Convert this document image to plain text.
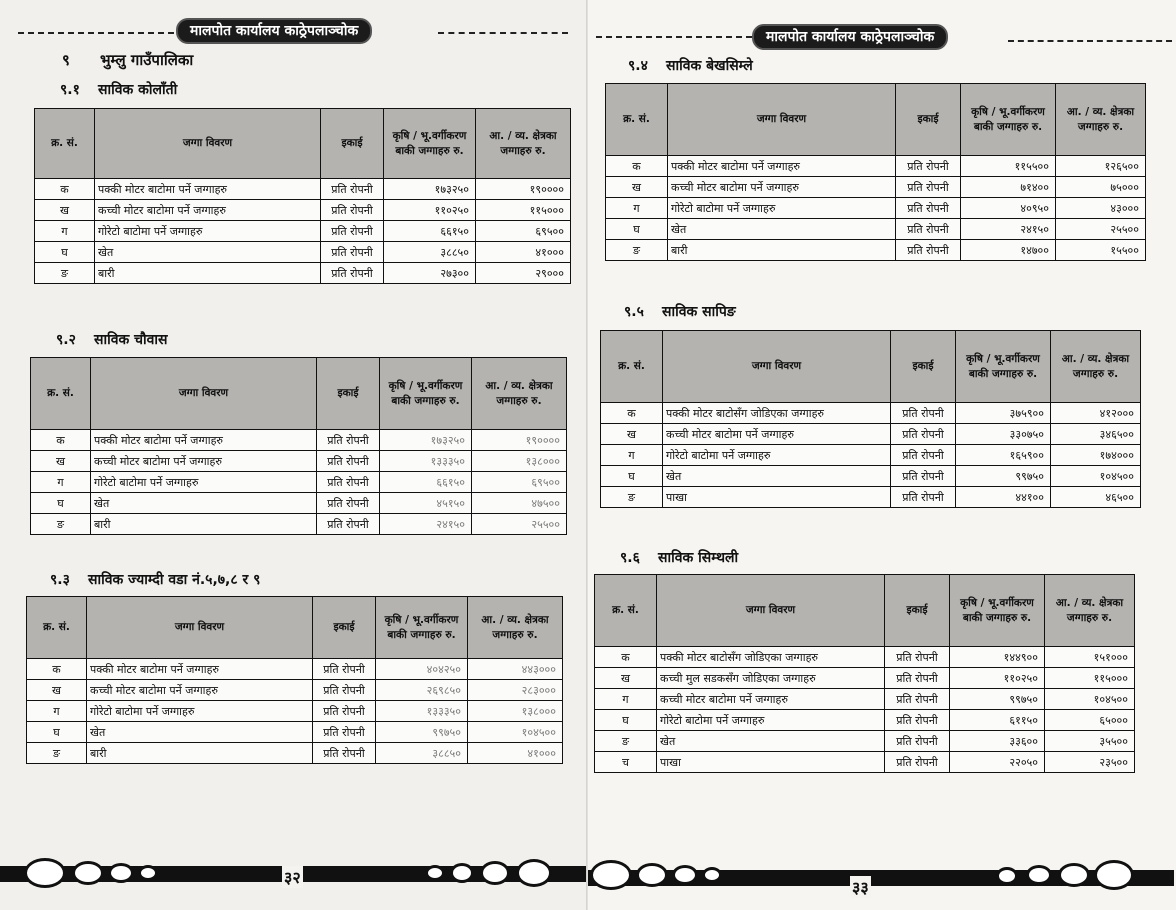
मालपोत कार्यालय काठ्रेपलाञ्चोक
९ भुम्लु गाउँपालिका
९.१ साविक कोलाँती
क्र. सं.	जग्गा विवरण	इकाई	कृषि / भू.वर्गीकरण बाकी जग्गाहरु रु.	आ. / व्य. क्षेत्रका जग्गाहरु रु.
क	पक्की मोटर बाटोमा पर्ने जग्गाहरु	प्रति रोपनी	१७३२५०	१९००००
ख	कच्ची मोटर बाटोमा पर्ने जग्गाहरु	प्रति रोपनी	११०२५०	११५०००
ग	गोरेटो बाटोमा पर्ने जग्गाहरु	प्रति रोपनी	६६१५०	६९५००
घ	खेत	प्रति रोपनी	३८८५०	४१०००
ङ	बारी	प्रति रोपनी	२७३००	२९०००
९.२ साविक चौवास
क्र. सं.	जग्गा विवरण	इकाई	कृषि / भू.वर्गीकरण बाकी जग्गाहरु रु.	आ. / व्य. क्षेत्रका जग्गाहरु रु.
क	पक्की मोटर बाटोमा पर्ने जग्गाहरु	प्रति रोपनी	१७३२५०	१९००००
ख	कच्ची मोटर बाटोमा पर्ने जग्गाहरु	प्रति रोपनी	१३३३५०	१३८०००
ग	गोरेटो बाटोमा पर्ने जग्गाहरु	प्रति रोपनी	६६१५०	६९५००
घ	खेत	प्रति रोपनी	४५१५०	४७५००
ङ	बारी	प्रति रोपनी	२४१५०	२५५००
९.३ साविक ज्याम्दी वडा नं.५,७,८ र ९
क्र. सं.	जग्गा विवरण	इकाई	कृषि / भू.वर्गीकरण बाकी जग्गाहरु रु.	आ. / व्य. क्षेत्रका जग्गाहरु रु.
क	पक्की मोटर बाटोमा पर्ने जग्गाहरु	प्रति रोपनी	४०४२५०	४४३०००
ख	कच्ची मोटर बाटोमा पर्ने जग्गाहरु	प्रति रोपनी	२६९८५०	२८३०००
ग	गोरेटो बाटोमा पर्ने जग्गाहरु	प्रति रोपनी	१३३३५०	१३८०००
घ	खेत	प्रति रोपनी	९९७५०	१०४५००
ङ	बारी	प्रति रोपनी	३८८५०	४१०००
३२
मालपोत कार्यालय काठ्रेपलाञ्चोक
९.४ साविक बेखसिम्ले
क्र. सं.	जग्गा विवरण	इकाई	कृषि / भू.वर्गीकरण बाकी जग्गाहरु रु.	आ. / व्य. क्षेत्रका जग्गाहरु रु.
क	पक्की मोटर बाटोमा पर्ने जग्गाहरु	प्रति रोपनी	११५५००	१२६५००
ख	कच्ची मोटर बाटोमा पर्ने जग्गाहरु	प्रति रोपनी	७१४००	७५०००
ग	गोरेटो बाटोमा पर्ने जग्गाहरु	प्रति रोपनी	४०९५०	४३०००
घ	खेत	प्रति रोपनी	२४१५०	२५५००
ङ	बारी	प्रति रोपनी	१४७००	१५५००
९.५ साविक सापिङ
क्र. सं.	जग्गा विवरण	इकाई	कृषि / भू.वर्गीकरण बाकी जग्गाहरु रु.	आ. / व्य. क्षेत्रका जग्गाहरु रु.
क	पक्की मोटर बाटोसँग जोडिएका जग्गाहरु	प्रति रोपनी	३७५९००	४१२०००
ख	कच्ची मोटर बाटोमा पर्ने जग्गाहरु	प्रति रोपनी	३३०७५०	३४६५००
ग	गोरेटो बाटोमा पर्ने जग्गाहरु	प्रति रोपनी	१६५९००	१७४०००
घ	खेत	प्रति रोपनी	९९७५०	१०४५००
ङ	पाखा	प्रति रोपनी	४४१००	४६५००
९.६ साविक सिम्थली
क्र. सं.	जग्गा विवरण	इकाई	कृषि / भू.वर्गीकरण बाकी जग्गाहरु रु.	आ. / व्य. क्षेत्रका जग्गाहरु रु.
क	पक्की मोटर बाटोसँग जोडिएका जग्गाहरु	प्रति रोपनी	१४४९००	१५१०००
ख	कच्ची मुल सडकसँग जोडिएका जग्गाहरु	प्रति रोपनी	११०२५०	११५०००
ग	कच्ची मोटर बाटोमा पर्ने जग्गाहरु	प्रति रोपनी	९९७५०	१०४५००
घ	गोरेटो बाटोमा पर्ने जग्गाहरु	प्रति रोपनी	६११५०	६५०००
ङ	खेत	प्रति रोपनी	३३६००	३५५००
च	पाखा	प्रति रोपनी	२२०५०	२३५००
३३
